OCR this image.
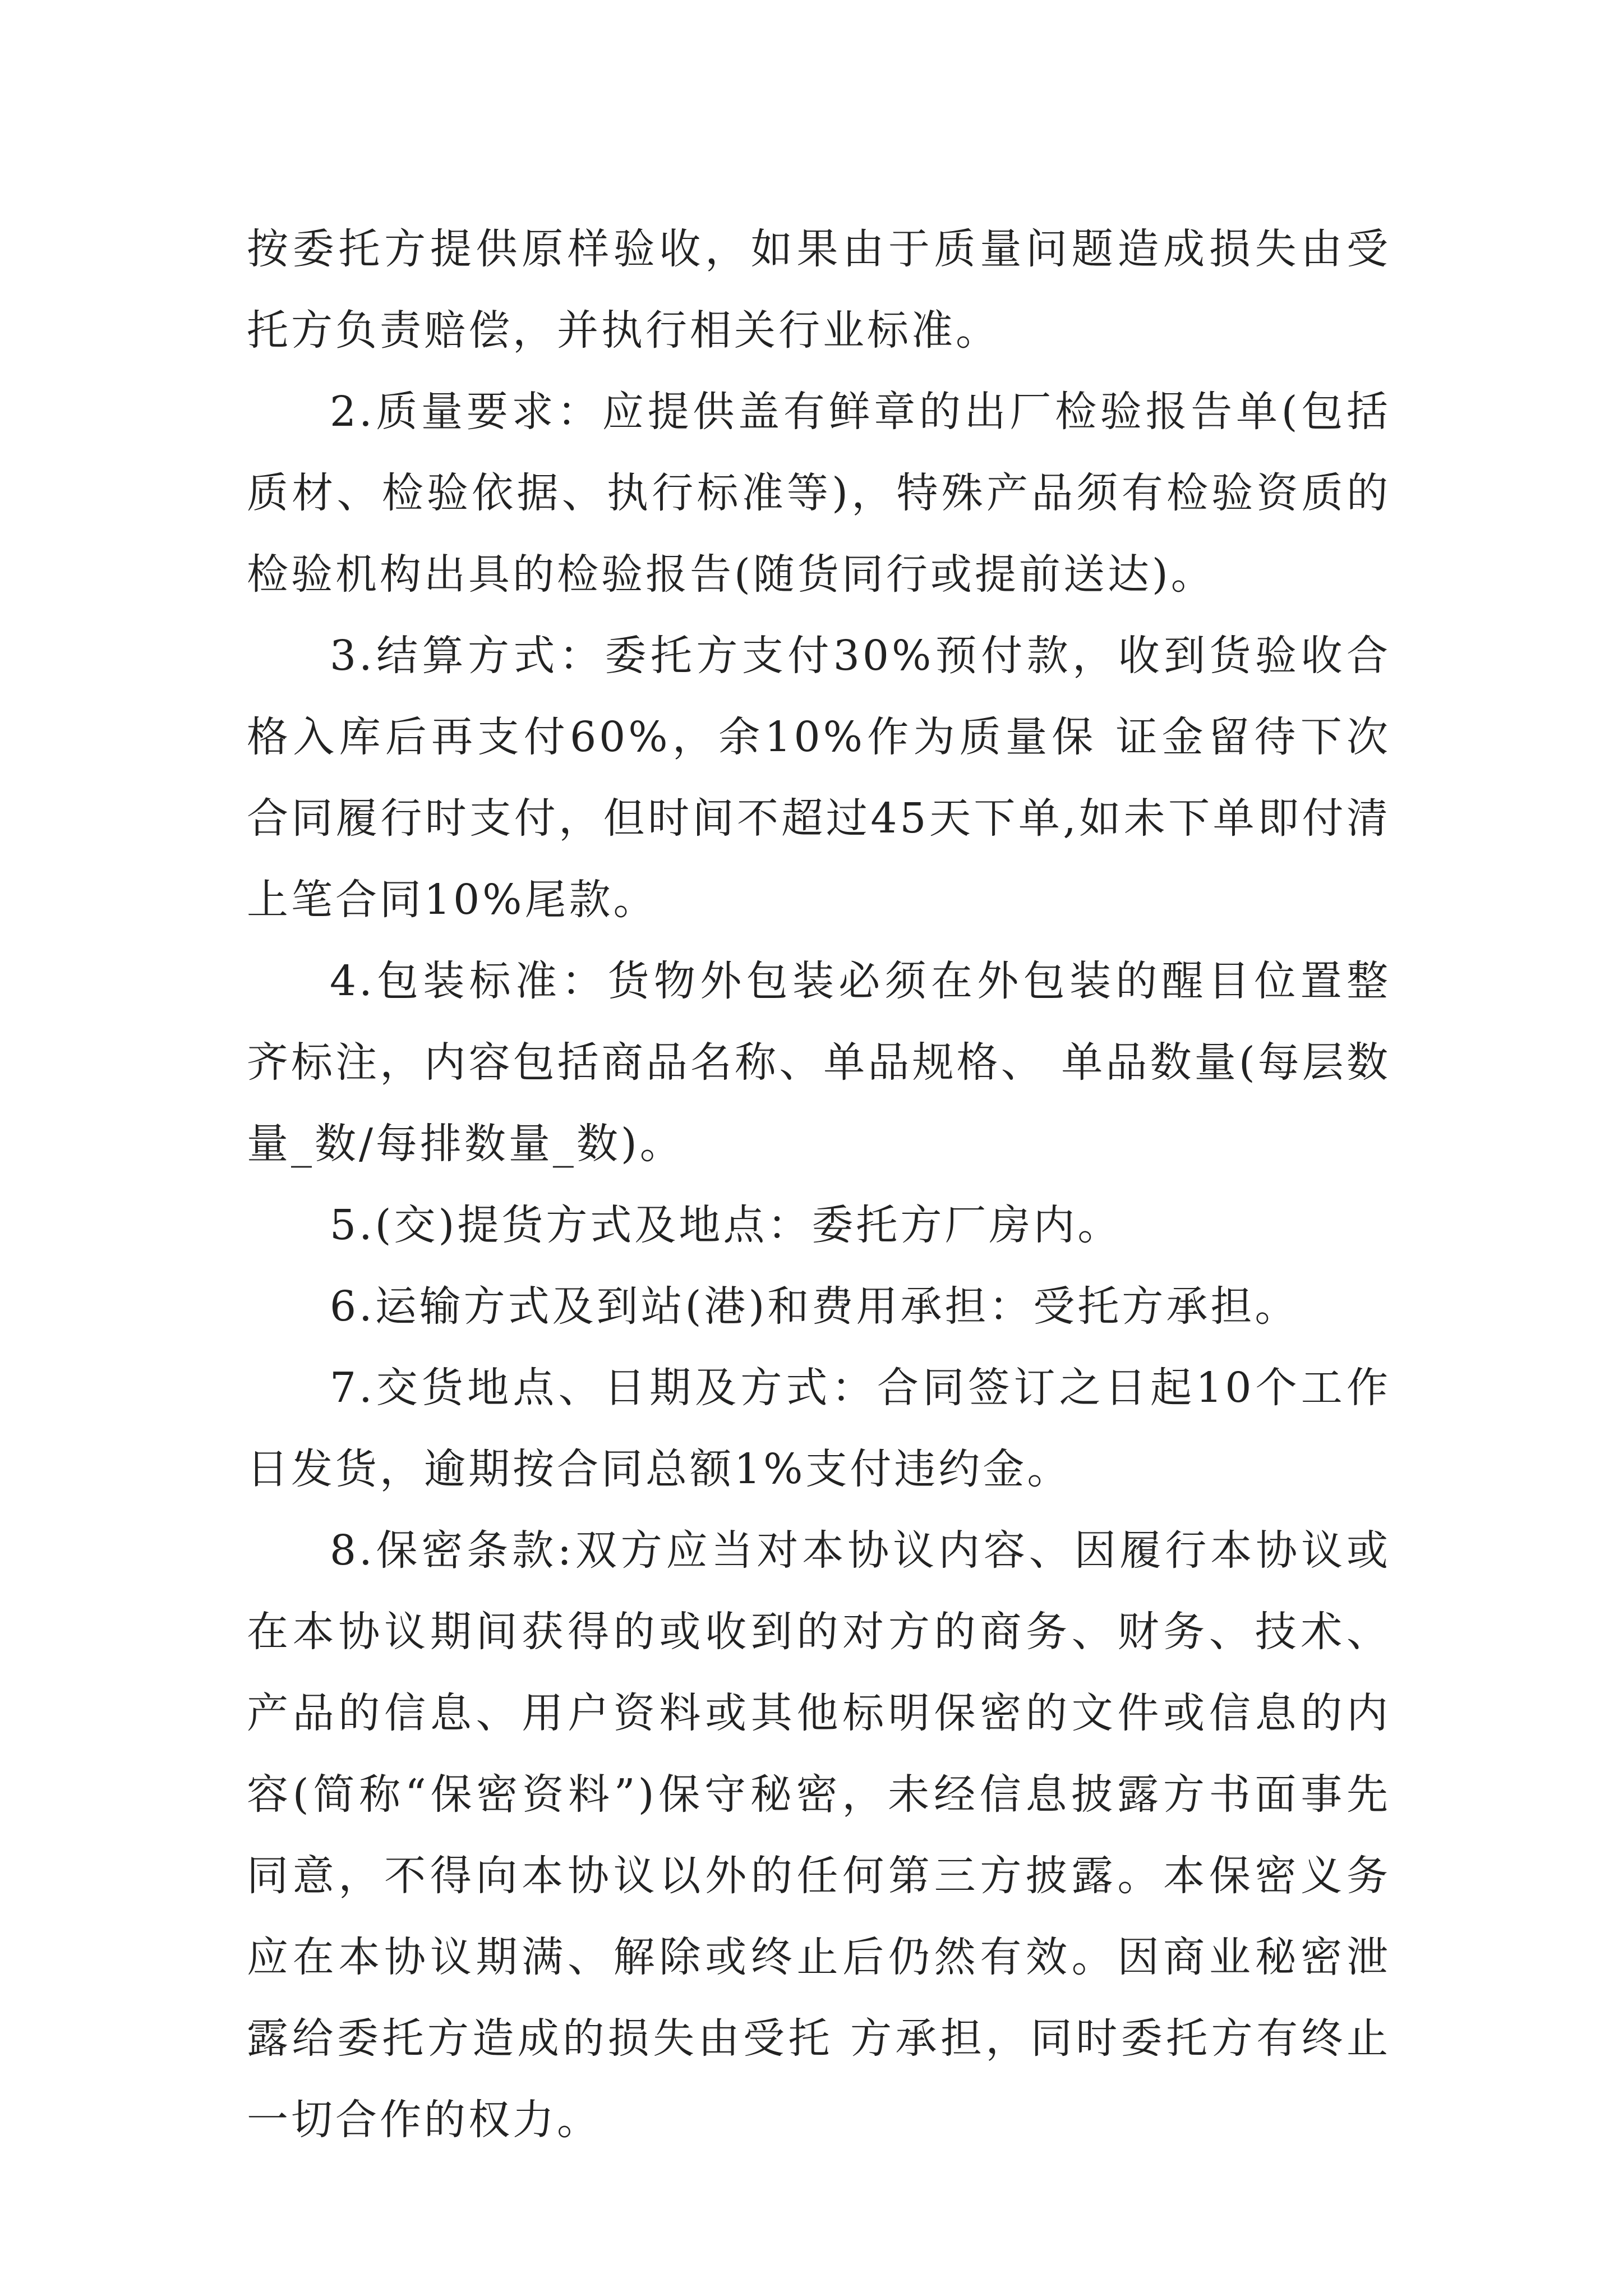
按委托方提供原样验收，如果由于质量问题造成损失由受托方负责赔偿，并执行相关行业标准。

2.质量要求：应提供盖有鲜章的出厂检验报告单(包括质材、检验依据、执行标准等)，特殊产品须有检验资质的检验机构出具的检验报告(随货同行或提前送达)。

3.结算方式：委托方支付30%预付款，收到货验收合格入库后再支付60%，余10%作为质量保 证金留待下次合同履行时支付，但时间不超过45天下单,如未下单即付清上笔合同10%尾款。

4.包装标准：货物外包装必须在外包装的醒目位置整齐标注，内容包括商品名称、单品规格、 单品数量(每层数量_数/每排数量_数)。

5.(交)提货方式及地点：委托方厂房内。

6.运输方式及到站(港)和费用承担：受托方承担。

7.交货地点、日期及方式：合同签订之日起10个工作日发货，逾期按合同总额1%支付违约金。

8.保密条款:双方应当对本协议内容、因履行本协议或在本协议期间获得的或收到的对方的商务、财务、技术、产品的信息、用户资料或其他标明保密的文件或信息的内容(简称“保密资料”)保守秘密，未经信息披露方书面事先同意，不得向本协议以外的任何第三方披露。本保密义务应在本协议期满、解除或终止后仍然有效。因商业秘密泄露给委托方造成的损失由受托 方承担，同时委托方有终止一切合作的权力。
